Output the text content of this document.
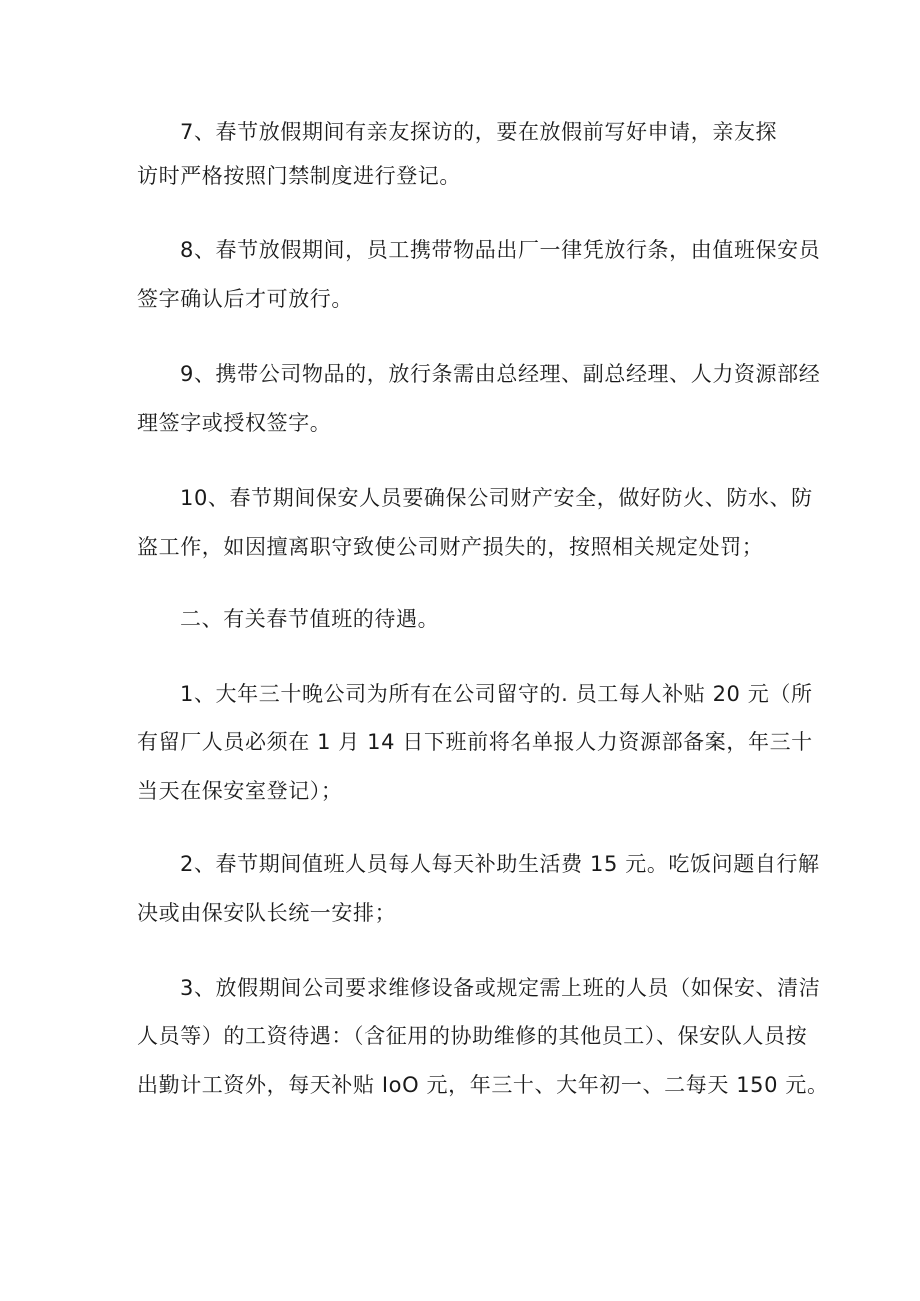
7、春节放假期间有亲友探访的，要在放假前写好申请，亲友探
访时严格按照门禁制度进行登记。
8、春节放假期间，员工携带物品出厂一律凭放行条，由值班保安员
签字确认后才可放行。
9、携带公司物品的，放行条需由总经理、副总经理、人力资源部经
理签字或授权签字。
10、春节期间保安人员要确保公司财产安全，做好防火、防水、防
盗工作，如因擅离职守致使公司财产损失的，按照相关规定处罚；
二、有关春节值班的待遇。
1、大年三十晚公司为所有在公司留守的. 员工每人补贴 20 元（所
有留厂人员必须在 1 月 14 日下班前将名单报人力资源部备案，年三十
当天在保安室登记）；
2、春节期间值班人员每人每天补助生活费 15 元。吃饭问题自行解
决或由保安队长统一安排；
3、放假期间公司要求维修设备或规定需上班的人员（如保安、清洁
人员等）的工资待遇：（含征用的协助维修的其他员工）、保安队人员按
出勤计工资外，每天补贴 IoO 元，年三十、大年初一、二每天 150 元。
